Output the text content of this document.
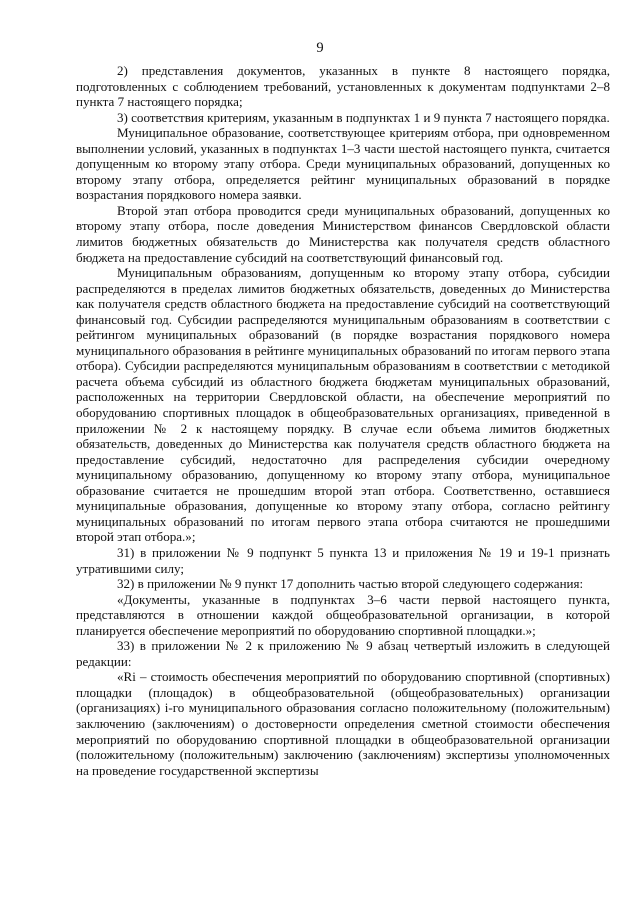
9

2) представления документов, указанных в пункте 8 настоящего порядка, подготовленных с соблюдением требований, установленных к документам подпунктами 2–8 пункта 7 настоящего порядка;

3) соответствия критериям, указанным в подпунктах 1 и 9 пункта 7 настоящего порядка.

Муниципальное образование, соответствующее критериям отбора, при одновременном выполнении условий, указанных в подпунктах 1–3 части шестой настоящего пункта, считается допущенным ко второму этапу отбора. Среди муниципальных образований, допущенных ко второму этапу отбора, определяется рейтинг муниципальных образований в порядке возрастания порядкового номера заявки.

Второй этап отбора проводится среди муниципальных образований, допущенных ко второму этапу отбора, после доведения Министерством финансов Свердловской области лимитов бюджетных обязательств до Министерства как получателя средств областного бюджета на предоставление субсидий на соответствующий финансовый год.

Муниципальным образованиям, допущенным ко второму этапу отбора, субсидии распределяются в пределах лимитов бюджетных обязательств, доведенных до Министерства как получателя средств областного бюджета на предоставление субсидий на соответствующий финансовый год. Субсидии распределяются муниципальным образованиям в соответствии с рейтингом муниципальных образований (в порядке возрастания порядкового номера муниципального образования в рейтинге муниципальных образований по итогам первого этапа отбора). Субсидии распределяются муниципальным образованиям в соответствии с методикой расчета объема субсидий из областного бюджета бюджетам муниципальных образований, расположенных на территории Свердловской области, на обеспечение мероприятий по оборудованию спортивных площадок в общеобразовательных организациях, приведенной в приложении № 2 к настоящему порядку. В случае если объема лимитов бюджетных обязательств, доведенных до Министерства как получателя средств областного бюджета на предоставление субсидий, недостаточно для распределения субсидии очередному муниципальному образованию, допущенному ко второму этапу отбора, муниципальное образование считается не прошедшим второй этап отбора. Соответственно, оставшиеся муниципальные образования, допущенные ко второму этапу отбора, согласно рейтингу муниципальных образований по итогам первого этапа отбора считаются не прошедшими второй этап отбора.»;

31) в приложении № 9 подпункт 5 пункта 13 и приложения № 19 и 19-1 признать утратившими силу;

32) в приложении № 9 пункт 17 дополнить частью второй следующего содержания:

«Документы, указанные в подпунктах 3–6 части первой настоящего пункта, представляются в отношении каждой общеобразовательной организации, в которой планируется обеспечение мероприятий по оборудованию спортивной площадки.»;

33) в приложении № 2 к приложению № 9 абзац четвертый изложить в следующей редакции:

«Ri – стоимость обеспечения мероприятий по оборудованию спортивной (спортивных) площадки (площадок) в общеобразовательной (общеобразовательных) организации (организациях) i-го муниципального образования согласно положительному (положительным) заключению (заключениям) о достоверности определения сметной стоимости обеспечения мероприятий по оборудованию спортивной площадки в общеобразовательной организации (положительному (положительным) заключению (заключениям) экспертизы уполномоченных на проведение государственной экспертизы
